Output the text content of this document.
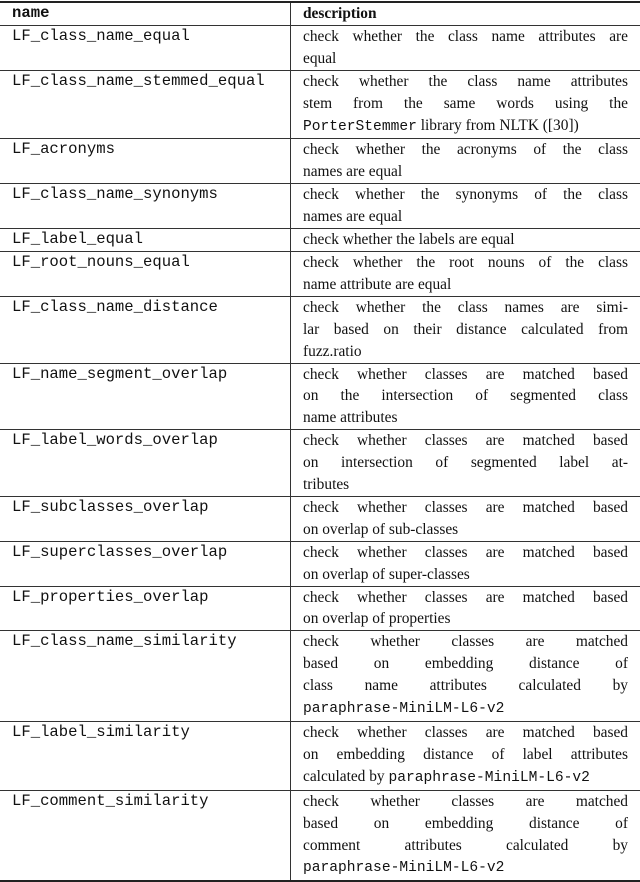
name	description
LF_class_name_equal	check whether the class name attributes are
equal

LF_class_name_stemmed_equal	check whether the class name attributes
stem from the same words using the
PorterStemmer library from NLTK ([30])

LF_acronyms	check whether the acronyms of the class
names are equal

LF_class_name_synonyms	check whether the synonyms of the class
names are equal

LF_label_equal	check whether the labels are equal

LF_root_nouns_equal	check whether the root nouns of the class
name attribute are equal

LF_class_name_distance	check whether the class names are simi-
lar based on their distance calculated from
fuzz.ratio

LF_name_segment_overlap	check whether classes are matched based
on the intersection of segmented class
name attributes

LF_label_words_overlap	check whether classes are matched based
on intersection of segmented label at-
tributes

LF_subclasses_overlap	check whether classes are matched based
on overlap of sub-classes

LF_superclasses_overlap	check whether classes are matched based
on overlap of super-classes

LF_properties_overlap	check whether classes are matched based
on overlap of properties

LF_class_name_similarity	check whether classes are matched
based on embedding distance of
class name attributes calculated by
paraphrase-MiniLM-L6-v2

LF_label_similarity	check whether classes are matched based
on embedding distance of label attributes
calculated by paraphrase-MiniLM-L6-v2

LF_comment_similarity	check whether classes are matched
based on embedding distance of
comment attributes calculated by
paraphrase-MiniLM-L6-v2
